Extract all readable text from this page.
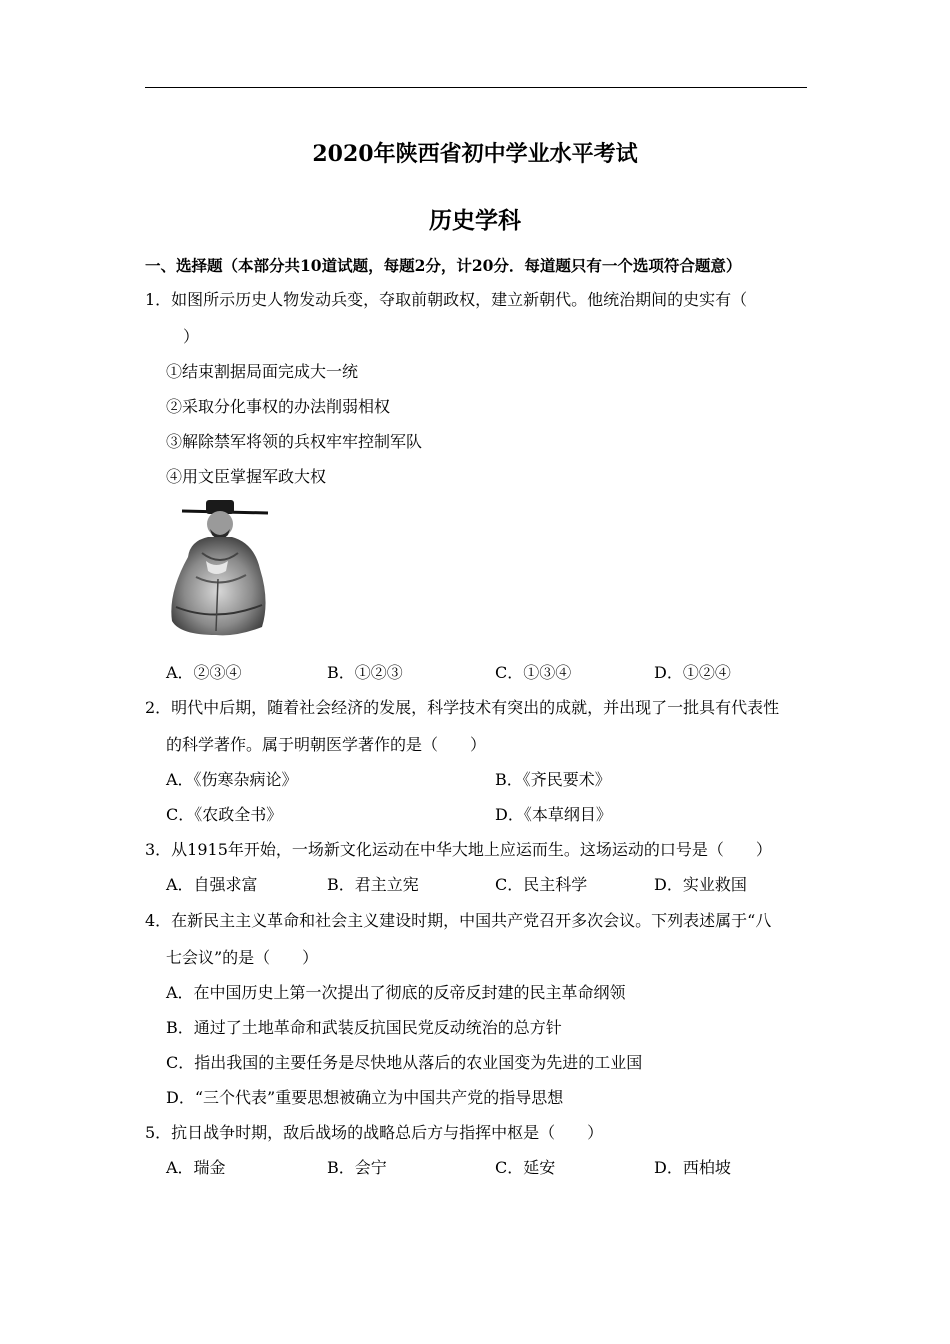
2020年陕西省初中学业水平考试
历史学科
一、选择题（本部分共10道试题，每题2分，计20分．每道题只有一个选项符合题意）
1．如图所示历史人物发动兵变，夺取前朝政权，建立新朝代。他统治期间的史实有（
）
①结束割据局面完成大一统
②采取分化事权的办法削弱相权
③解除禁军将领的兵权牢牢控制军队
④用文臣掌握军政大权
A．②③④	B．①②③	C．①③④	D．①②④
2．明代中后期，随着社会经济的发展，科学技术有突出的成就，并出现了一批具有代表性
的科学著作。属于明朝医学著作的是（　　）
A．《伤寒杂病论》	B．《齐民要术》
C．《农政全书》	D．《本草纲目》
3．从1915年开始，一场新文化运动在中华大地上应运而生。这场运动的口号是（　　）
A．自强求富	B．君主立宪	C．民主科学	D．实业救国
4．在新民主主义革命和社会主义建设时期，中国共产党召开多次会议。下列表述属于“八
七会议”的是（　　）
A．在中国历史上第一次提出了彻底的反帝反封建的民主革命纲领
B．通过了土地革命和武装反抗国民党反动统治的总方针
C．指出我国的主要任务是尽快地从落后的农业国变为先进的工业国
D．“三个代表”重要思想被确立为中国共产党的指导思想
5．抗日战争时期，敌后战场的战略总后方与指挥中枢是（　　）
A．瑞金	B．会宁	C．延安	D．西柏坡
